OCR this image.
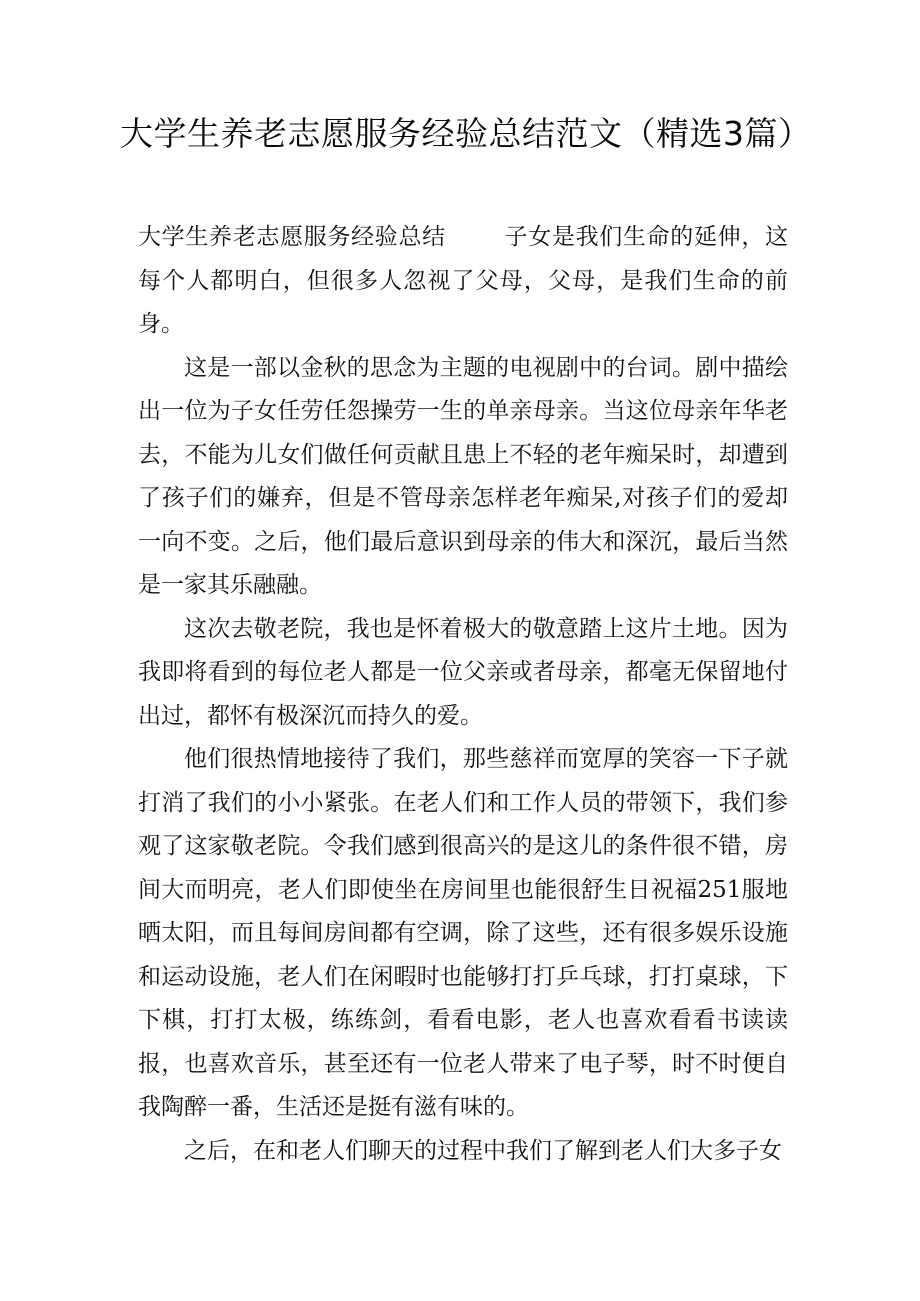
大学生养老志愿服务经验总结范文（精选3篇）

大学生养老志愿服务经验总结	子女是我们生命的延伸，这每个人都明白，但很多人忽视了父母，父母，是我们生命的前身。

这是一部以金秋的思念为主题的电视剧中的台词。剧中描绘出一位为子女任劳任怨操劳一生的单亲母亲。当这位母亲年华老去，不能为儿女们做任何贡献且患上不轻的老年痴呆时，却遭到了孩子们的嫌弃，但是不管母亲怎样老年痴呆,对孩子们的爱却一向不变。之后，他们最后意识到母亲的伟大和深沉，最后当然是一家其乐融融。

这次去敬老院，我也是怀着极大的敬意踏上这片土地。因为我即将看到的每位老人都是一位父亲或者母亲，都毫无保留地付出过，都怀有极深沉而持久的爱。

他们很热情地接待了我们，那些慈祥而宽厚的笑容一下子就打消了我们的小小紧张。在老人们和工作人员的带领下，我们参观了这家敬老院。令我们感到很高兴的是这儿的条件很不错，房间大而明亮，老人们即使坐在房间里也能很舒生日祝福251服地晒太阳，而且每间房间都有空调，除了这些，还有很多娱乐设施和运动设施，老人们在闲暇时也能够打打乒乓球，打打桌球，下下棋，打打太极，练练剑，看看电影，老人也喜欢看看书读读报，也喜欢音乐，甚至还有一位老人带来了电子琴，时不时便自我陶醉一番，生活还是挺有滋有味的。

之后，在和老人们聊天的过程中我们了解到老人们大多子女
